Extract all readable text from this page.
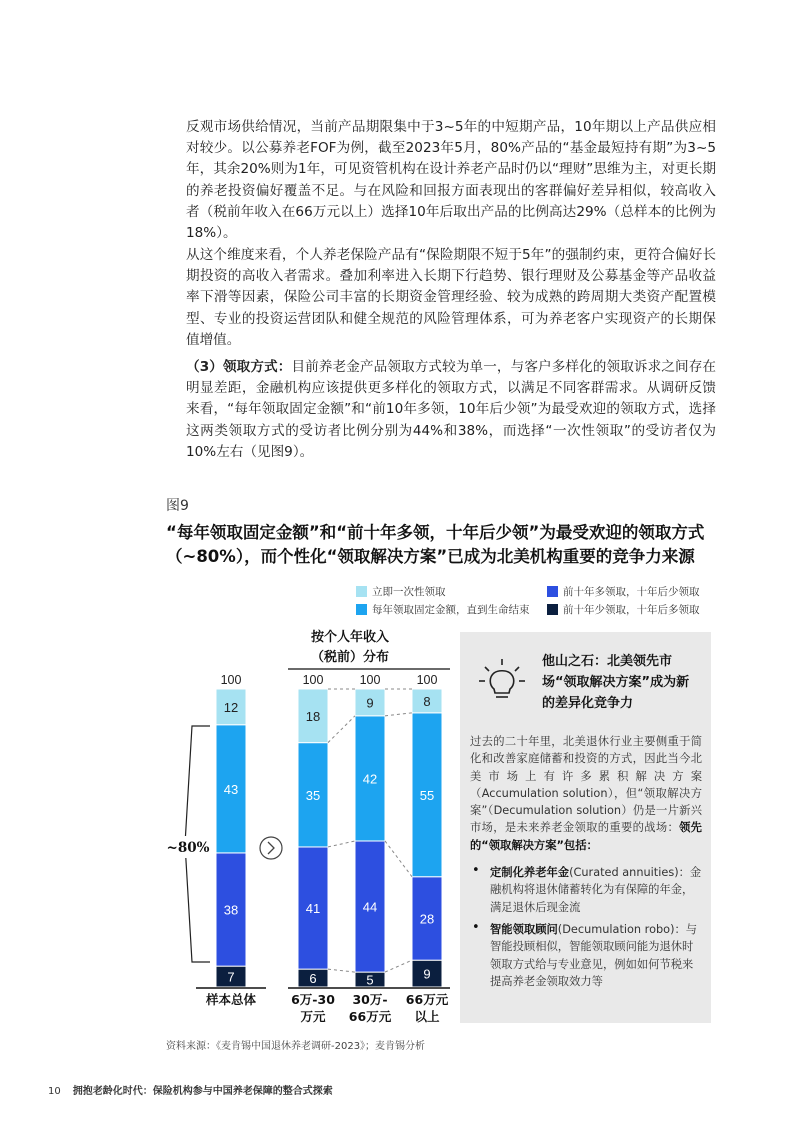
反观市场供给情况，当前产品期限集中于3~5年的中短期产品，10年期以上产品供应相对较少。以公募养老FOF为例，截至2023年5月，80%产品的“基金最短持有期”为3~5年，其余20%则为1年，可见资管机构在设计养老产品时仍以“理财”思维为主，对更长期的养老投资偏好覆盖不足。与在风险和回报方面表现出的客群偏好差异相似，较高收入者（税前年收入在66万元以上）选择10年后取出产品的比例高达29%（总样本的比例为18%）。

从这个维度来看，个人养老保险产品有“保险期限不短于5年”的强制约束，更符合偏好长期投资的高收入者需求。叠加利率进入长期下行趋势、银行理财及公募基金等产品收益率下滑等因素，保险公司丰富的长期资金管理经验、较为成熟的跨周期大类资产配置模型、专业的投资运营团队和健全规范的风险管理体系，可为养老客户实现资产的长期保值增值。

（3）领取方式：目前养老金产品领取方式较为单一，与客户多样化的领取诉求之间存在明显差距，金融机构应该提供更多样化的领取方式，以满足不同客群需求。从调研反馈来看，“每年领取固定金额”和“前10年多领，10年后少领”为最受欢迎的领取方式，选择这两类领取方式的受访者比例分别为44%和38%，而选择“一次性领取”的受访者仅为10%左右（见图9）。

图9

“每年领取固定金额”和“前十年多领，十年后少领”为最受欢迎的领取方式（~80%），而个性化“领取解决方案”已成为北美机构重要的竞争力来源

立即一次性领取	前十年多领取，十年后少领取
每年领取固定金额，直到生命结束	前十年少领取，十年后多领取
7
38
43
12
100
6
41
35
18
100
5
44
42
9
100
9
28
55
8
100
样本总体	6万-30
万元
30万-
66万元
66万元
以上
按个人年收入
（税前）分布
~80%

他山之石：北美领先市场“领取解决方案”成为新的差异化竞争力

过去的二十年里，北美退休行业主要侧重于简化和改善家庭储蓄和投资的方式，因此当今北美市场上有许多累积解决方案（Accumulation solution），但“领取解决方案”（Decumulation solution）仍是一片新兴市场，是未来养老金领取的重要的战场：领先的“领取解决方案”包括：

• 定制化养老年金(Curated annuities)：金融机构将退休储蓄转化为有保障的年金，满足退休后现金流

• 智能领取顾问(Decumulation robo)：与智能投顾相似，智能领取顾问能为退休时领取方式给与专业意见，例如如何节税来提高养老金领取效力等

资料来源：《麦肯锡中国退休养老调研-2023》；麦肯锡分析

10 拥抱老龄化时代：保险机构参与中国养老保障的整合式探索
